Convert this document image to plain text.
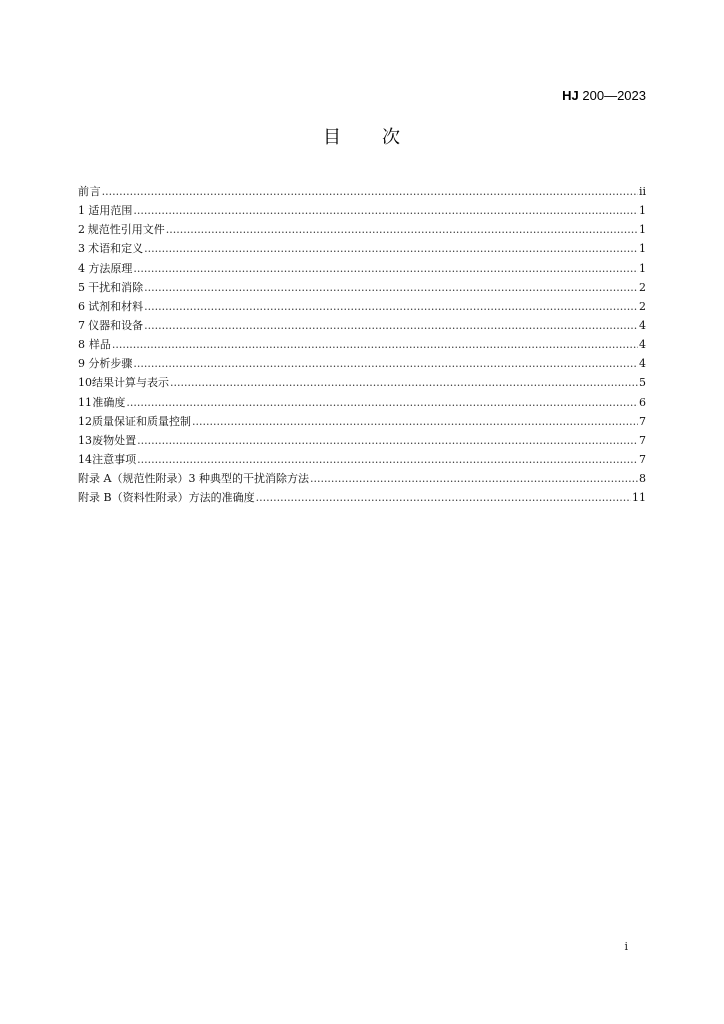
HJ 200—2023
目 次
前 言 .....	ii
1 适用范围 .....	1
2 规范性引用文件 .....	1
3 术语和定义 .....	1
4 方法原理 .....	1
5 干扰和消除 .....	2
6 试剂和材料 .....	2
7 仪器和设备 .....	4
8 样品 .....	4
9 分析步骤 .....	4
10 结果计算与表示 .....	5
11 准确度 .....	6
12 质量保证和质量控制 .....	7
13 废物处置 .....	7
14 注意事项 .....	7
附录 A（规范性附录） 3 种典型的干扰消除方法 .....	8
附录 B（资料性附录） 方法的准确度 .....	11
i
